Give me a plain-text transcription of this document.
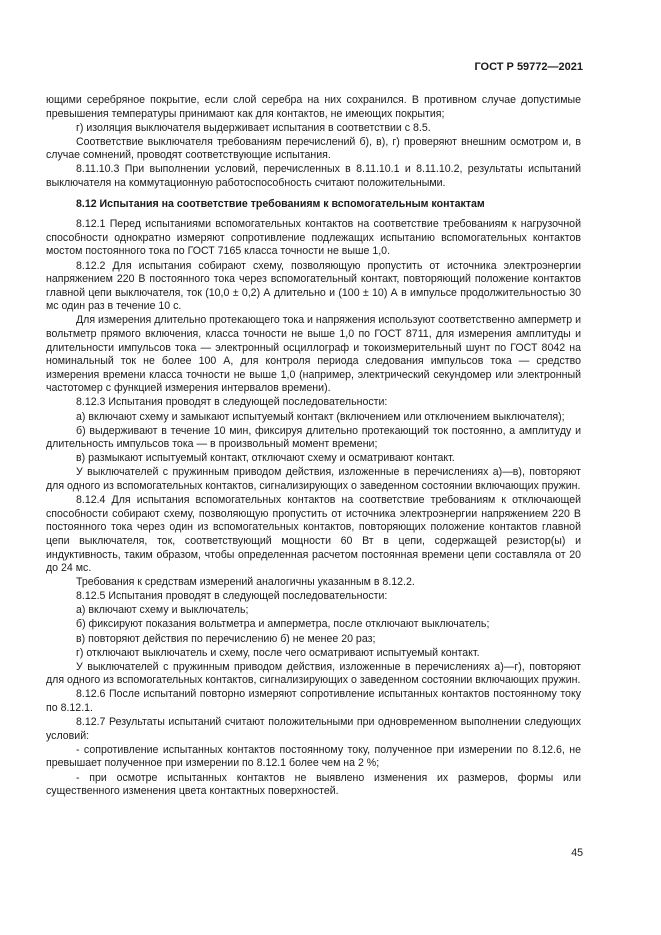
ГОСТ Р 59772—2021

ющими серебряное покрытие, если слой серебра на них сохранился. В противном случае допустимые превышения температуры принимают как для контактов, не имеющих покрытия;

г) изоляция выключателя выдерживает испытания в соответствии с 8.5.

Соответствие выключателя требованиям перечислений б), в), г) проверяют внешним осмотром и, в случае сомнений, проводят соответствующие испытания.

8.11.10.3 При выполнении условий, перечисленных в 8.11.10.1 и 8.11.10.2, результаты испытаний выключателя на коммутационную работоспособность считают положительными.

8.12 Испытания на соответствие требованиям к вспомогательным контактам

8.12.1 Перед испытаниями вспомогательных контактов на соответствие требованиям к нагрузочной способности однократно измеряют сопротивление подлежащих испытанию вспомогательных контактов мостом постоянного тока по ГОСТ 7165 класса точности не выше 1,0.

8.12.2 Для испытания собирают схему, позволяющую пропустить от источника электроэнергии напряжением 220 В постоянного тока через вспомогательный контакт, повторяющий положение контактов главной цепи выключателя, ток (10,0 ± 0,2) А длительно и (100 ± 10) А в импульсе продолжительностью 30 мс один раз в течение 10 с.

Для измерения длительно протекающего тока и напряжения используют соответственно амперметр и вольтметр прямого включения, класса точности не выше 1,0 по ГОСТ 8711, для измерения амплитуды и длительности импульсов тока — электронный осциллограф и токоизмерительный шунт по ГОСТ 8042 на номинальный ток не более 100 А, для контроля периода следования импульсов тока — средство измерения времени класса точности не выше 1,0 (например, электрический секундомер или электронный частотомер с функцией измерения интервалов времени).

8.12.3 Испытания проводят в следующей последовательности:

а) включают схему и замыкают испытуемый контакт (включением или отключением выключателя);

б) выдерживают в течение 10 мин, фиксируя длительно протекающий ток постоянно, а амплитуду и длительность импульсов тока — в произвольный момент времени;

в) размыкают испытуемый контакт, отключают схему и осматривают контакт.

У выключателей с пружинным приводом действия, изложенные в перечислениях а)—в), повторяют для одного из вспомогательных контактов, сигнализирующих о заведенном состоянии включающих пружин.

8.12.4 Для испытания вспомогательных контактов на соответствие требованиям к отключающей способности собирают схему, позволяющую пропустить от источника электроэнергии напряжением 220 В постоянного тока через один из вспомогательных контактов, повторяющих положение контактов главной цепи выключателя, ток, соответствующий мощности 60 Вт в цепи, содержащей резистор(ы) и индуктивность, таким образом, чтобы определенная расчетом постоянная времени цепи составляла от 20 до 24 мс.

Требования к средствам измерений аналогичны указанным в 8.12.2.

8.12.5 Испытания проводят в следующей последовательности:

а) включают схему и выключатель;

б) фиксируют показания вольтметра и амперметра, после отключают выключатель;

в) повторяют действия по перечислению б) не менее 20 раз;

г) отключают выключатель и схему, после чего осматривают испытуемый контакт.

У выключателей с пружинным приводом действия, изложенные в перечислениях а)—г), повторяют для одного из вспомогательных контактов, сигнализирующих о заведенном состоянии включающих пружин.

8.12.6 После испытаний повторно измеряют сопротивление испытанных контактов постоянному току по 8.12.1.

8.12.7 Результаты испытаний считают положительными при одновременном выполнении следующих условий:

- сопротивление испытанных контактов постоянному току, полученное при измерении по 8.12.6, не превышает полученное при измерении по 8.12.1 более чем на 2 %;

- при осмотре испытанных контактов не выявлено изменения их размеров, формы или существенного изменения цвета контактных поверхностей.

45
